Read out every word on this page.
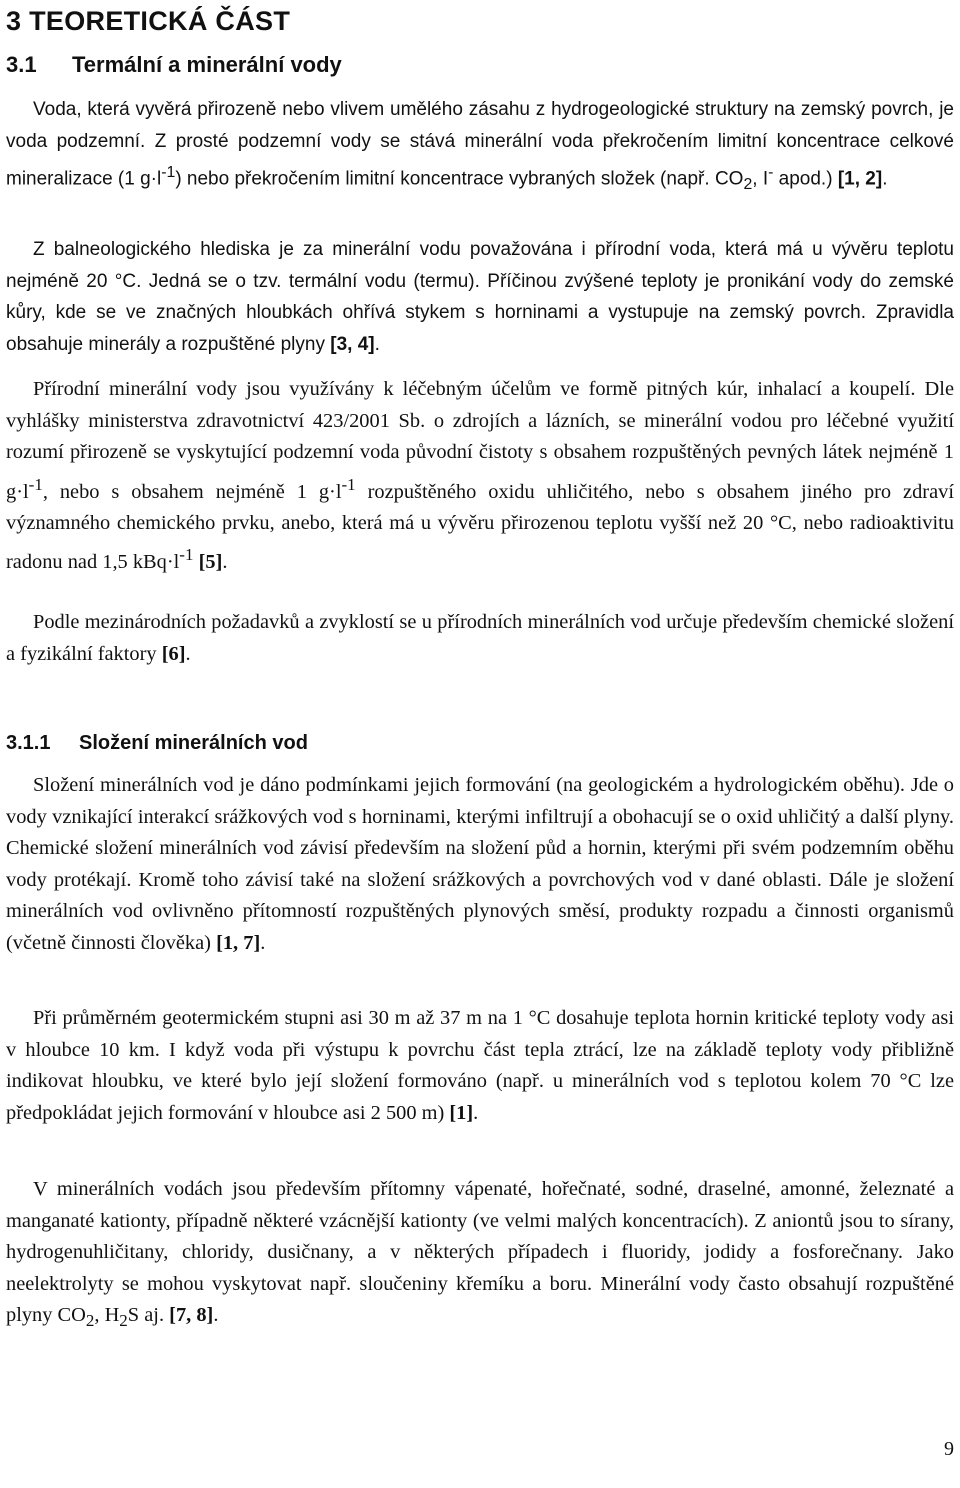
3 TEORETICKÁ ČÁST
3.1 Termální a minerální vody

Voda, která vyvěrá přirozeně nebo vlivem umělého zásahu z hydrogeologické struktury na zemský povrch, je voda podzemní. Z prosté podzemní vody se stává minerální voda překročením limitní koncentrace celkové mineralizace (1 $g\cdot l^{-1}$) nebo překročením limitní koncentrace vybraných složek (např. $CO_2$, I- apod.) [1, 2].

Z balneologického hlediska je za minerální vodu považována i přírodní voda, která má u vývěru teplotu nejméně 20 °C. Jedná se o tzv. termální vodu (termu). Příčinou zvýšené teploty je pronikání vody do zemské kůry, kde se ve značných hloubkách ohřívá stykem s horninami a vystupuje na zemský povrch. Zpravidla obsahuje minerály a rozpuštěné plyny [3, 4].

Přírodní minerální vody jsou využívány k léčebným účelům ve formě pitných kúr, inhalací a koupelí. Dle vyhlášky ministerstva zdravotnictví 423/2001 Sb. o zdrojích a lázních, se minerální vodou pro léčebné využití rozumí přirozeně se vyskytující podzemní voda původní čistoty s obsahem rozpuštěných pevných látek nejméně 1 $g\cdot l^{-1}$, nebo s obsahem nejméně 1 $g\cdot l^{-1}$ rozpuštěného oxidu uhličitého, nebo s obsahem jiného pro zdraví významného chemického prvku, anebo, která má u vývěru přirozenou teplotu vyšší než 20 °C, nebo radioaktivitu radonu nad 1,5 $kBq\cdot l^{-1}$ [5].

Podle mezinárodních požadavků a zvyklostí se u přírodních minerálních vod určuje především chemické složení a fyzikální faktory [6].

3.1.1 Složení minerálních vod

Složení minerálních vod je dáno podmínkami jejich formování (na geologickém a hydrologickém oběhu). Jde o vody vznikající interakcí srážkových vod s horninami, kterými infiltrují a obohacují se o oxid uhličitý a další plyny. Chemické složení minerálních vod závisí především na složení půd a hornin, kterými při svém podzemním oběhu vody protékají. Kromě toho závisí také na složení srážkových a povrchových vod v dané oblasti. Dále je složení minerálních vod ovlivněno přítomností rozpuštěných plynových směsí, produkty rozpadu a činnosti organismů (včetně činnosti člověka) [1, 7].

Při průměrném geotermickém stupni asi 30 m až 37 m na 1 °C dosahuje teplota hornin kritické teploty vody asi v hloubce 10 km. I když voda při výstupu k povrchu část tepla ztrácí, lze na základě teploty vody přibližně indikovat hloubku, ve které bylo její složení formováno (např. u minerálních vod s teplotou kolem 70 °C lze předpokládat jejich formování v hloubce asi 2 500 m) [1].

V minerálních vodách jsou především přítomny vápenaté, hořečnaté, sodné, draselné, amonné, železnaté a manganaté kationty, případně některé vzácnější kationty (ve velmi malých koncentracích). Z aniontů jsou to sírany, hydrogenuhličitany, chloridy, dusičnany, a v některých případech i fluoridy, jodidy a fosforečnany. Jako neelektrolyty se mohou vyskytovat např. sloučeniny křemíku a boru. Minerální vody často obsahují rozpuštěné plyny $CO_2$, $H_2S$ aj. [7, 8].

9
